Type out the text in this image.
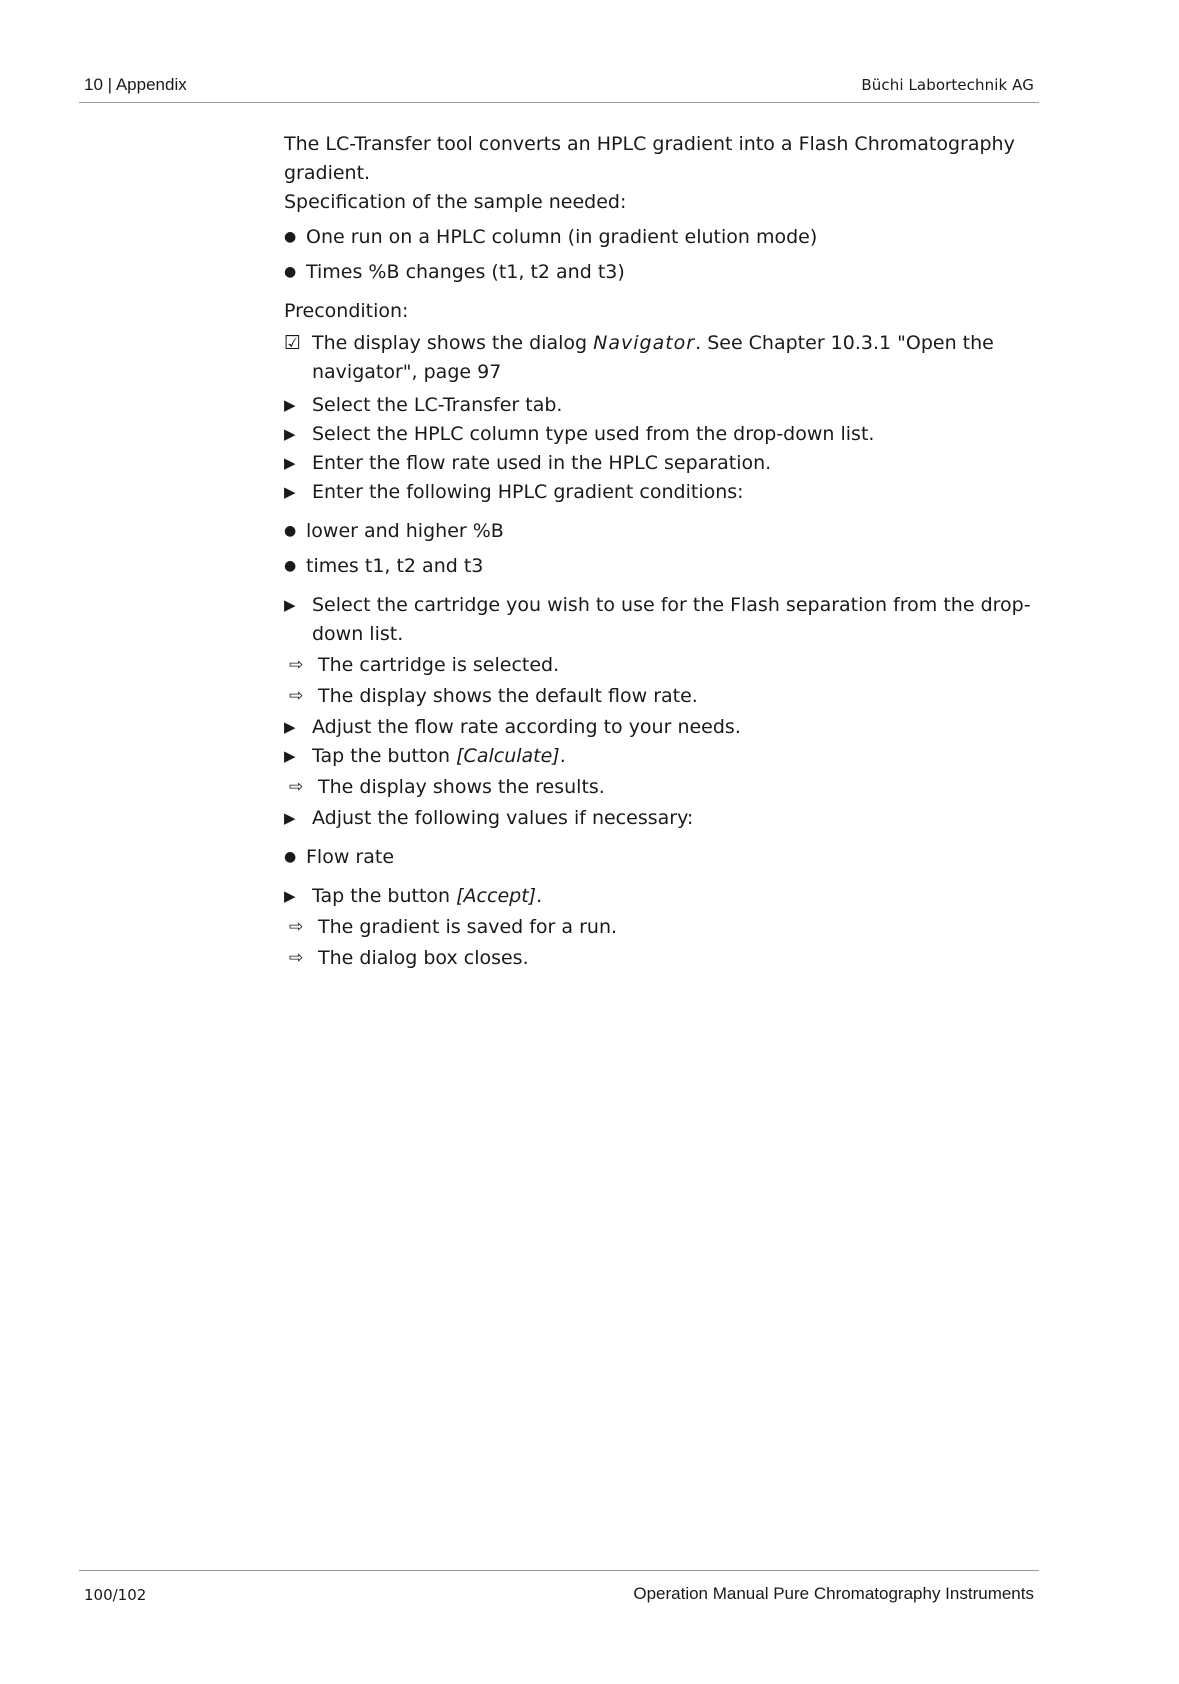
10 | Appendix	Büchi Labortechnik AG

The LC-Transfer tool converts an HPLC gradient into a Flash Chromatography gradient.

Specification of the sample needed:

● One run on a HPLC column (in gradient elution mode)

● Times %B changes (t1, t2 and t3)

Precondition:

☑ The display shows the dialog Navigator. See Chapter 10.3.1 "Open the navigator", page 97

▶ Select the LC-Transfer tab.

▶ Select the HPLC column type used from the drop-down list.

▶ Enter the flow rate used in the HPLC separation.

▶ Enter the following HPLC gradient conditions:

● lower and higher %B

● times t1, t2 and t3

▶ Select the cartridge you wish to use for the Flash separation from the drop-down list.

⇨ The cartridge is selected.

⇨ The display shows the default flow rate.

▶ Adjust the flow rate according to your needs.

▶ Tap the button [Calculate].

⇨ The display shows the results.

▶ Adjust the following values if necessary:

● Flow rate

▶ Tap the button [Accept].

⇨ The gradient is saved for a run.

⇨ The dialog box closes.

100/102	Operation Manual Pure Chromatography Instruments
